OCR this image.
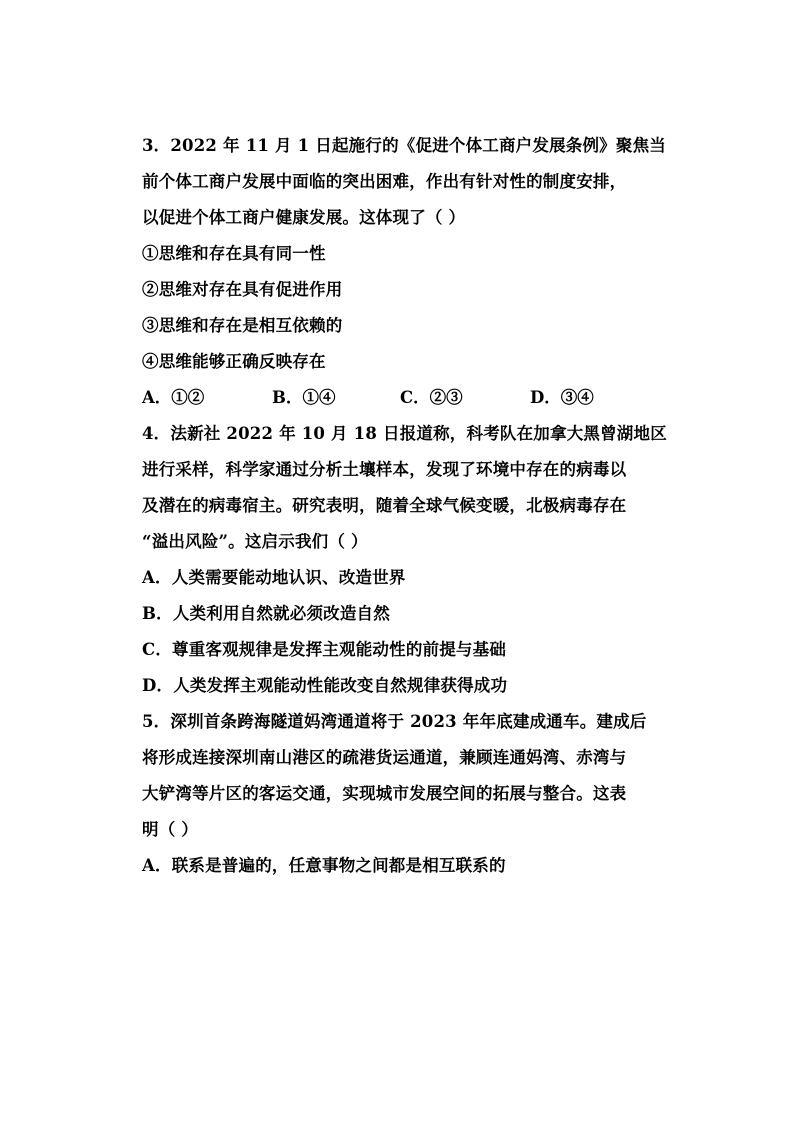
3．2022 年 11 月 1 日起施行的《促进个体工商户发展条例》聚焦当
前个体工商户发展中面临的突出困难，作出有针对性的制度安排，
以促进个体工商户健康发展。这体现了（ ）
①思维和存在具有同一性
②思维对存在具有促进作用
③思维和存在是相互依赖的
④思维能够正确反映存在
A．①②	B．①④	C．②③	D．③④
4．法新社 2022 年 10 月 18 日报道称，科考队在加拿大黑曾湖地区
进行采样，科学家通过分析土壤样本，发现了环境中存在的病毒以
及潜在的病毒宿主。研究表明，随着全球气候变暖，北极病毒存在
“溢出风险”。这启示我们（ ）
A．人类需要能动地认识、改造世界
B．人类利用自然就必须改造自然
C．尊重客观规律是发挥主观能动性的前提与基础
D．人类发挥主观能动性能改变自然规律获得成功
5．深圳首条跨海隧道妈湾通道将于 2023 年年底建成通车。建成后
将形成连接深圳南山港区的疏港货运通道，兼顾连通妈湾、赤湾与
大铲湾等片区的客运交通，实现城市发展空间的拓展与整合。这表
明（ ）
A．联系是普遍的，任意事物之间都是相互联系的
